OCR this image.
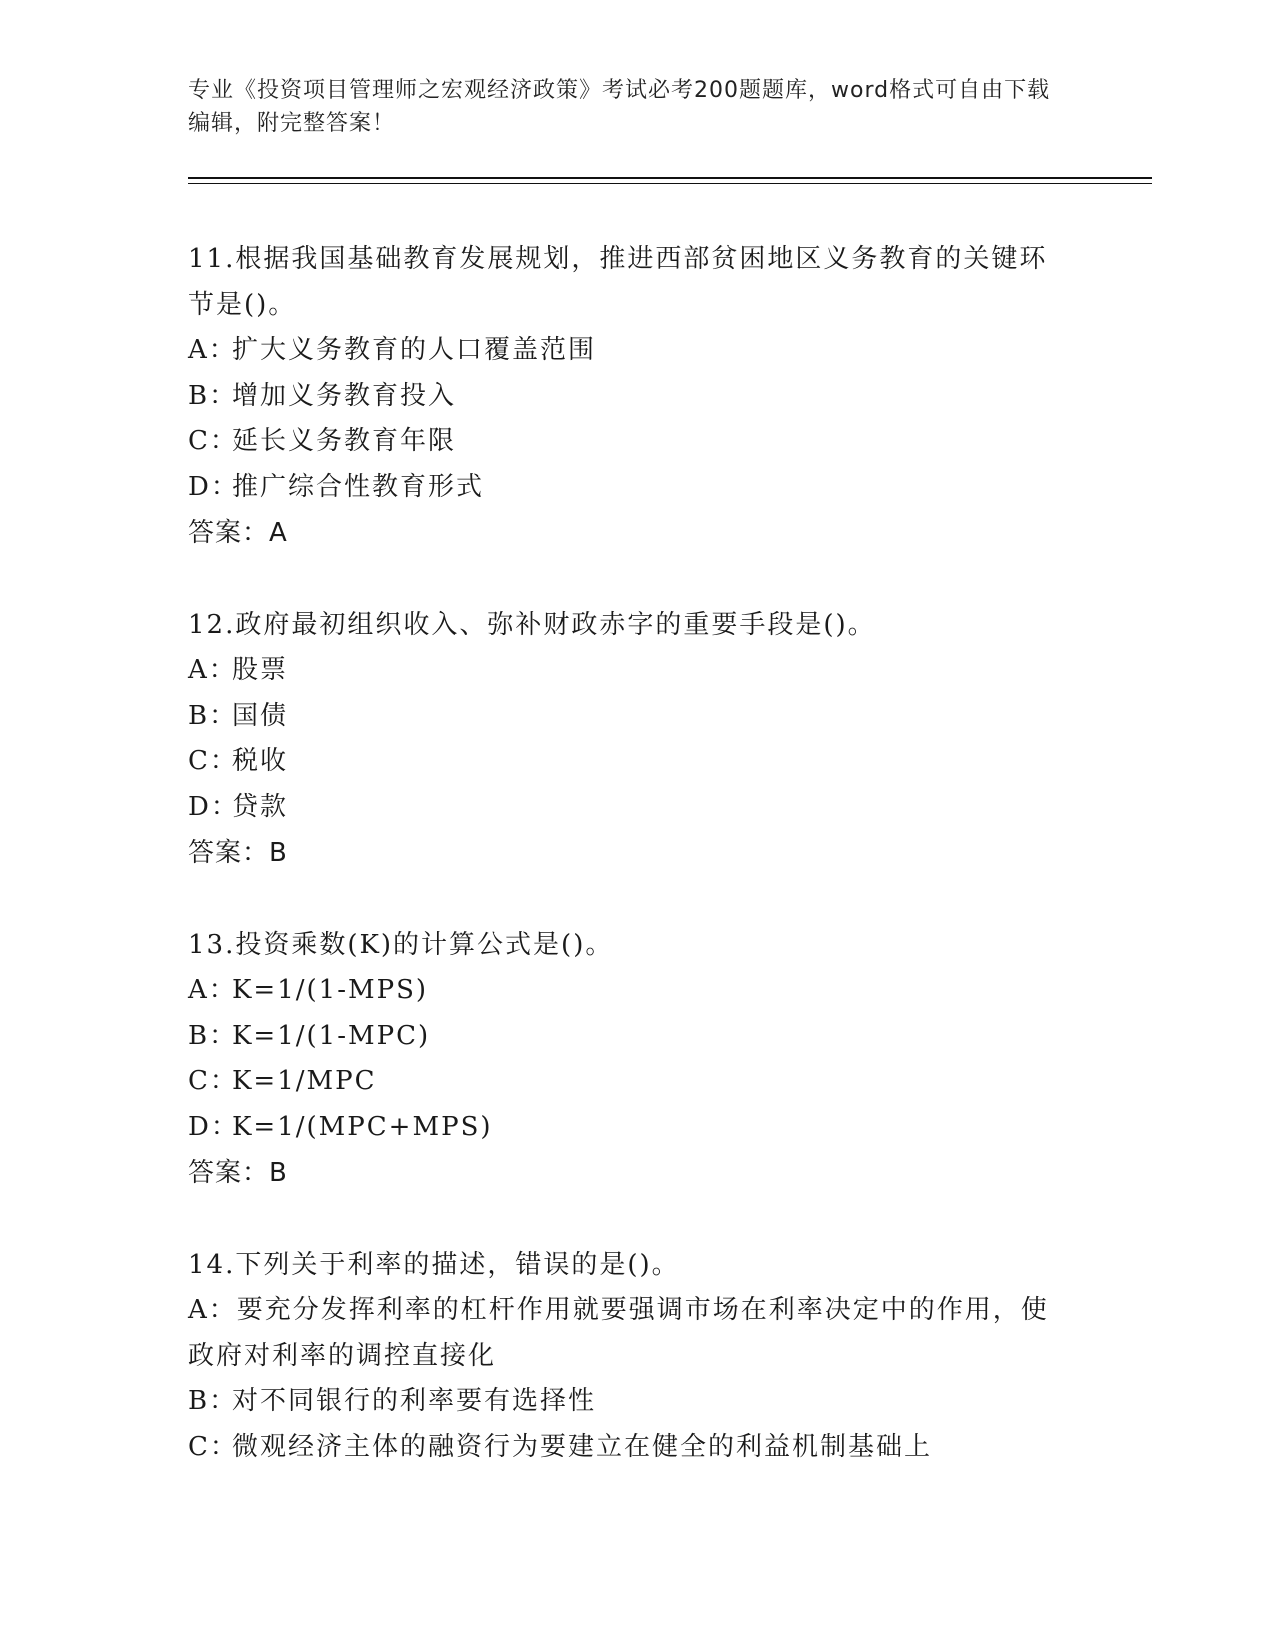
专业《投资项目管理师之宏观经济政策》考试必考200题题库，word格式可自由下载编辑，附完整答案！

11.根据我国基础教育发展规划，推进西部贫困地区义务教育的关键环节是()。

A：扩大义务教育的人口覆盖范围

B：增加义务教育投入

C：延长义务教育年限

D：推广综合性教育形式

答案：A

12.政府最初组织收入、弥补财政赤字的重要手段是()。

A：股票

B：国债

C：税收

D：贷款

答案：B

13.投资乘数(K)的计算公式是()。

A：K=1/(1-MPS)

B：K=1/(1-MPC)

C：K=1/MPC

D：K=1/(MPC+MPS)

答案：B

14.下列关于利率的描述，错误的是()。

A：要充分发挥利率的杠杆作用就要强调市场在利率决定中的作用，使政府对利率的调控直接化

B：对不同银行的利率要有选择性

C：微观经济主体的融资行为要建立在健全的利益机制基础上
